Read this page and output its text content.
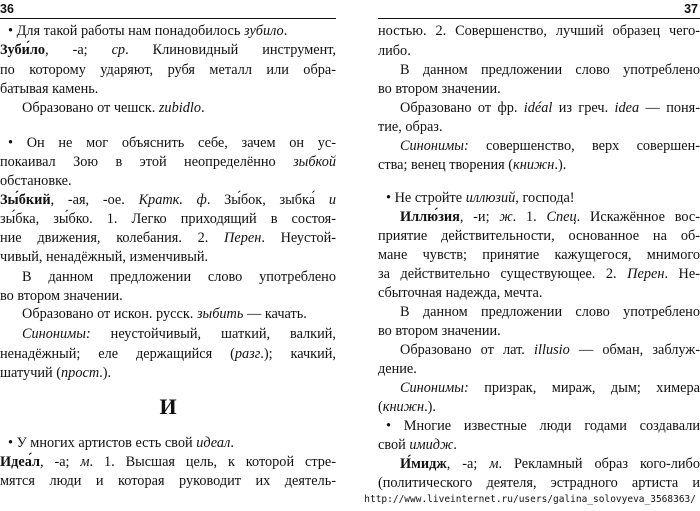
36
• Для такой работы нам понадобилось зубило.
Зуби́ло, -а; ср. Клиновидный инструмент,
по которому ударяют, рубя металл или обра-
батывая камень.
Образовано от чешск. zubidlo.
• Он не мог объяснить себе, зачем он ус-
покаивал Зою в этой неопределённо зыбкой
обстановке.
Зы́бкий, -ая, -ое. Кратк. ф. Зы́бок, зыбка́ и
зы́бка, зы́бко. 1. Легко приходящий в состоя-
ние движения, колебания. 2. Перен. Неустой-
чивый, ненадёжный, изменчивый.
В данном предложении слово употреблено
во втором значении.
Образовано от искон. русск. зыбить — качать.
Синонимы: неустойчивый, шаткий, валкий,
ненадёжный; еле держащийся (разг.); качкий,
шатучий (прост.).
• У многих артистов есть свой идеал.
Идеа́л, -а; м. 1. Высшая цель, к которой стре-
мятся люди и которая руководит их деятель-
И
37
ностью. 2. Совершенство, лучший образец чего-
либо.
В данном предложении слово употреблено
во втором значении.
Образовано от фр. idéal из греч. idea — поня-
тие, образ.
Синонимы: совершенство, верх совершен-
ства; венец творения (книжн.).
• Не стройте иллюзий, господа!
Иллю́зия, -и; ж. 1. Спец. Искажённое вос-
приятие действительности, основанное на об-
мане чувств; принятие кажущегося, мнимого
за действительно существующее. 2. Перен. Не-
сбыточная надежда, мечта.
В данном предложении слово употреблено
во втором значении.
Образовано от лат. illusio — обман, заблуж-
дение.
Синонимы: призрак, мираж, дым; химера
(книжн.).
• Многие известные люди годами создавали
свой имидж.
И́мидж, -а; м. Рекламный образ кого-либо
(политического деятеля, эстрадного артиста и
http://www.liveinternet.ru/users/galina_solovyeva_3568363/
